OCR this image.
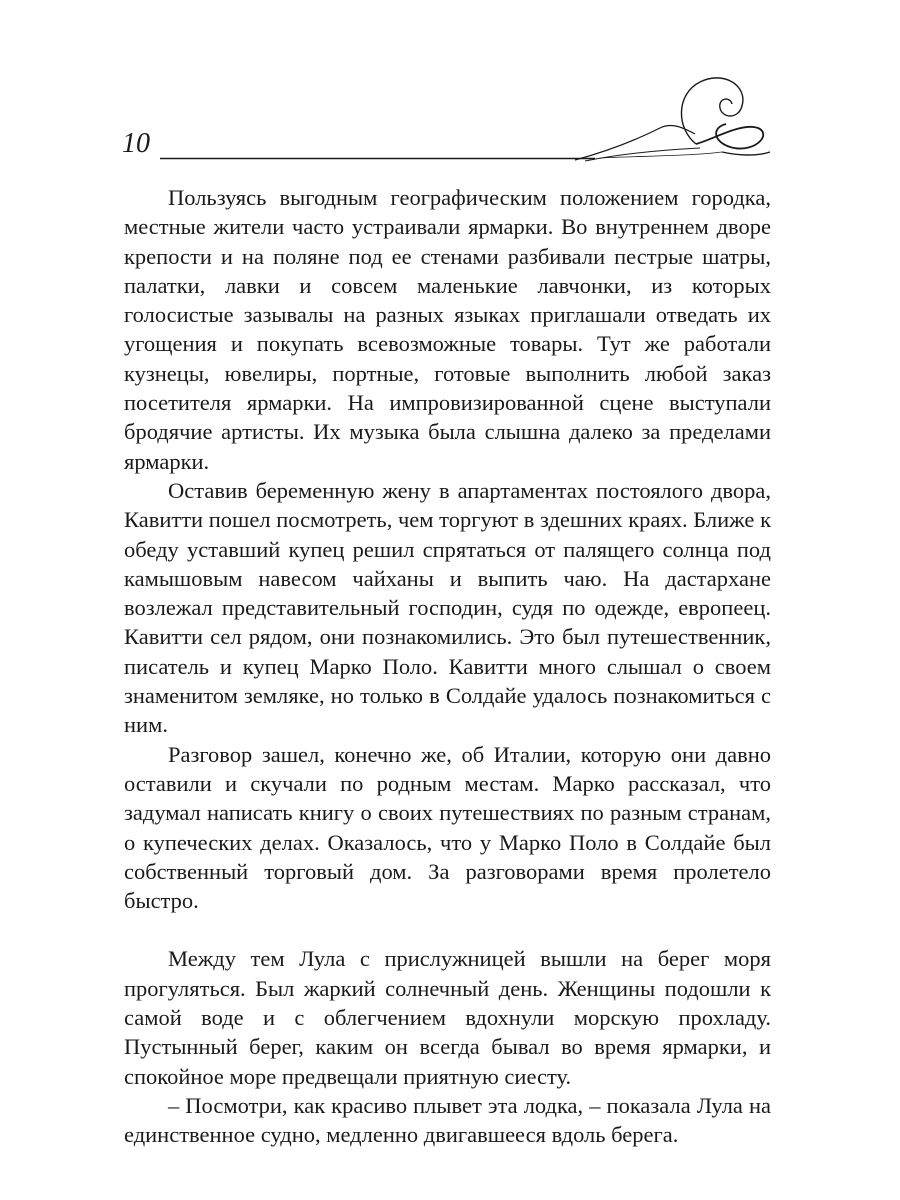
10

Пользуясь выгодным географическим положением городка, местные жители часто устраивали ярмарки. Во внутреннем дворе крепости и на поляне под ее стенами разбивали пестрые шатры, палатки, лавки и совсем маленькие лавчонки, из которых голосистые зазывалы на разных языках приглашали отведать их угощения и покупать всевозможные товары. Тут же работали кузнецы, ювелиры, портные, готовые выполнить любой заказ посетителя ярмарки. На импровизированной сцене выступали бродячие артисты. Их музыка была слышна далеко за пределами ярмарки.

Оставив беременную жену в апартаментах постоялого двора, Кавитти пошел посмотреть, чем торгуют в здешних краях. Ближе к обеду уставший купец решил спрятаться от палящего солнца под камышовым навесом чайханы и выпить чаю. На дастархане возлежал представительный господин, судя по одежде, европеец. Кавитти сел рядом, они познакомились. Это был путешественник, писатель и купец Марко Поло. Кавитти много слышал о своем знаменитом земляке, но только в Солдайе удалось познакомиться с ним.

Разговор зашел, конечно же, об Италии, которую они давно оставили и скучали по родным местам. Марко рассказал, что задумал написать книгу о своих путешествиях по разным странам, о купеческих делах. Оказалось, что у Марко Поло в Солдайе был собственный торговый дом. За разговорами время пролетело быстро.

Между тем Лула с прислужницей вышли на берег моря прогуляться. Был жаркий солнечный день. Женщины подошли к самой воде и с облегчением вдохнули морскую прохладу. Пустынный берег, каким он всегда бывал во время ярмарки, и спокойное море предвещали приятную сиесту.

– Посмотри, как красиво плывет эта лодка, – показала Лула на единственное судно, медленно двигавшееся вдоль берега.
